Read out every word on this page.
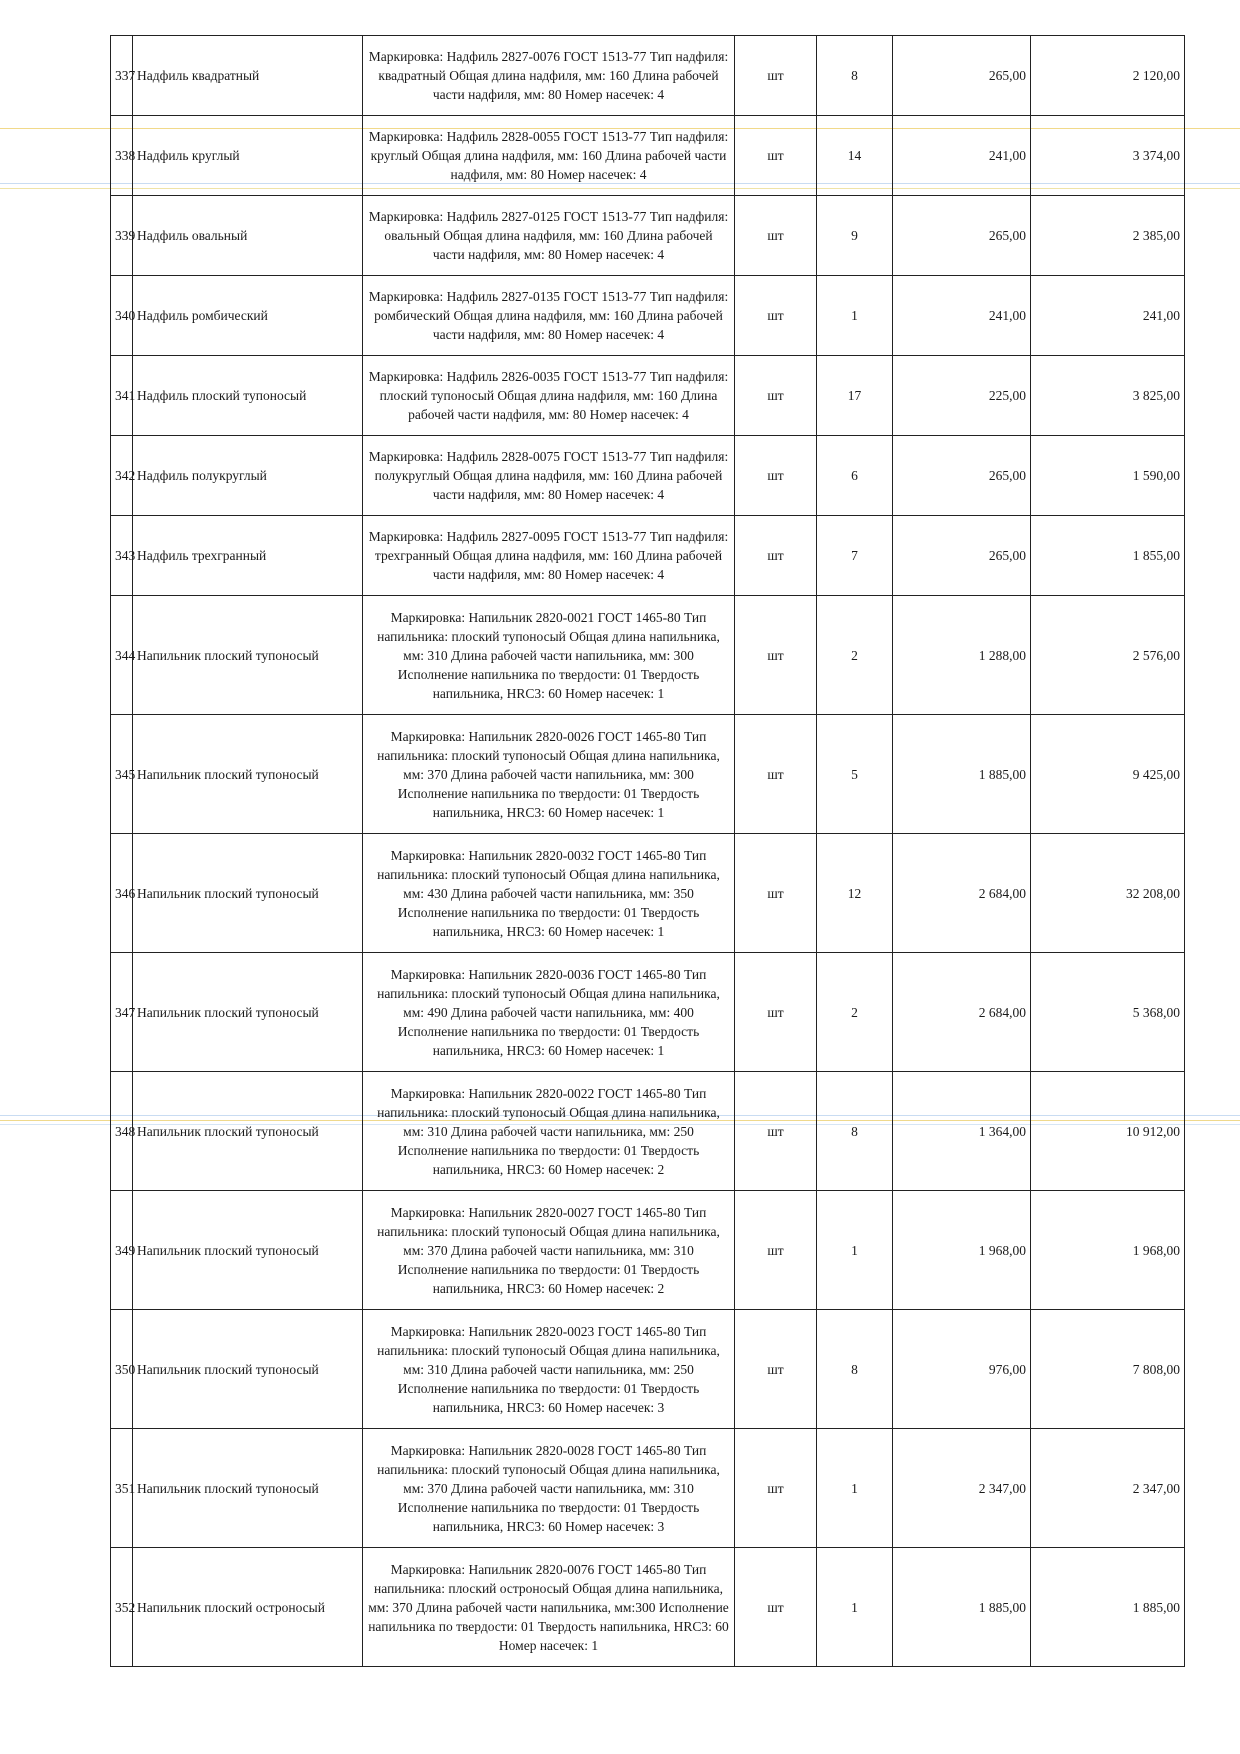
337	Надфиль квадратный	Маркировка: Надфиль 2827-0076 ГОСТ 1513-77 Тип надфиля: квадратный Общая длина надфиля, мм: 160 Длина рабочей части надфиля, мм: 80 Номер насечек: 4	шт	8	265,00	2 120,00
338	Надфиль круглый	Маркировка: Надфиль 2828-0055 ГОСТ 1513-77 Тип надфиля: круглый Общая длина надфиля, мм: 160 Длина рабочей части надфиля, мм: 80 Номер насечек: 4	шт	14	241,00	3 374,00
339	Надфиль овальный	Маркировка: Надфиль 2827-0125 ГОСТ 1513-77 Тип надфиля: овальный Общая длина надфиля, мм: 160 Длина рабочей части надфиля, мм: 80 Номер насечек: 4	шт	9	265,00	2 385,00
340	Надфиль ромбический	Маркировка: Надфиль 2827-0135 ГОСТ 1513-77 Тип надфиля: ромбический Общая длина надфиля, мм: 160 Длина рабочей части надфиля, мм: 80 Номер насечек: 4	шт	1	241,00	241,00
341	Надфиль плоский тупоносый	Маркировка: Надфиль 2826-0035 ГОСТ 1513-77 Тип надфиля: плоский тупоносый Общая длина надфиля, мм: 160 Длина рабочей части надфиля, мм: 80 Номер насечек: 4	шт	17	225,00	3 825,00
342	Надфиль полукруглый	Маркировка: Надфиль 2828-0075 ГОСТ 1513-77 Тип надфиля: полукруглый Общая длина надфиля, мм: 160 Длина рабочей части надфиля, мм: 80 Номер насечек: 4	шт	6	265,00	1 590,00
343	Надфиль трехгранный	Маркировка: Надфиль 2827-0095 ГОСТ 1513-77 Тип надфиля: трехгранный Общая длина надфиля, мм: 160 Длина рабочей части надфиля, мм: 80 Номер насечек: 4	шт	7	265,00	1 855,00
344	Напильник плоский тупоносый	Маркировка: Напильник 2820-0021 ГОСТ 1465-80 Тип напильника: плоский тупоносый Общая длина напильника, мм: 310 Длина рабочей части напильника, мм: 300 Исполнение напильника по твердости: 01 Твердость напильника, HRC3: 60 Номер насечек: 1	шт	2	1 288,00	2 576,00
345	Напильник плоский тупоносый	Маркировка: Напильник 2820-0026 ГОСТ 1465-80 Тип напильника: плоский тупоносый Общая длина напильника, мм: 370 Длина рабочей части напильника, мм: 300 Исполнение напильника по твердости: 01 Твердость напильника, HRC3: 60 Номер насечек: 1	шт	5	1 885,00	9 425,00
346	Напильник плоский тупоносый	Маркировка: Напильник 2820-0032 ГОСТ 1465-80 Тип напильника: плоский тупоносый Общая длина напильника, мм: 430 Длина рабочей части напильника, мм: 350 Исполнение напильника по твердости: 01 Твердость напильника, HRC3: 60 Номер насечек: 1	шт	12	2 684,00	32 208,00
347	Напильник плоский тупоносый	Маркировка: Напильник 2820-0036 ГОСТ 1465-80 Тип напильника: плоский тупоносый Общая длина напильника, мм: 490 Длина рабочей части напильника, мм: 400 Исполнение напильника по твердости: 01 Твердость напильника, HRC3: 60 Номер насечек: 1	шт	2	2 684,00	5 368,00
348	Напильник плоский тупоносый	Маркировка: Напильник 2820-0022 ГОСТ 1465-80 Тип напильника: плоский тупоносый Общая длина напильника, мм: 310 Длина рабочей части напильника, мм: 250 Исполнение напильника по твердости: 01 Твердость напильника, HRC3: 60 Номер насечек: 2	шт	8	1 364,00	10 912,00
349	Напильник плоский тупоносый	Маркировка: Напильник 2820-0027 ГОСТ 1465-80 Тип напильника: плоский тупоносый Общая длина напильника, мм: 370 Длина рабочей части напильника, мм: 310 Исполнение напильника по твердости: 01 Твердость напильника, HRC3: 60 Номер насечек: 2	шт	1	1 968,00	1 968,00
350	Напильник плоский тупоносый	Маркировка: Напильник 2820-0023 ГОСТ 1465-80 Тип напильника: плоский тупоносый Общая длина напильника, мм: 310 Длина рабочей части напильника, мм: 250 Исполнение напильника по твердости: 01 Твердость напильника, HRC3: 60 Номер насечек: 3	шт	8	976,00	7 808,00
351	Напильник плоский тупоносый	Маркировка: Напильник 2820-0028 ГОСТ 1465-80 Тип напильника: плоский тупоносый Общая длина напильника, мм: 370 Длина рабочей части напильника, мм: 310 Исполнение напильника по твердости: 01 Твердость напильника, HRC3: 60 Номер насечек: 3	шт	1	2 347,00	2 347,00
352	Напильник плоский остроносый	Маркировка: Напильник 2820-0076 ГОСТ 1465-80 Тип напильника: плоский остроносый Общая длина напильника, мм: 370 Длина рабочей части напильника, мм:300 Исполнение напильника по твердости: 01 Твердость напильника, HRC3: 60 Номер насечек: 1	шт	1	1 885,00	1 885,00
